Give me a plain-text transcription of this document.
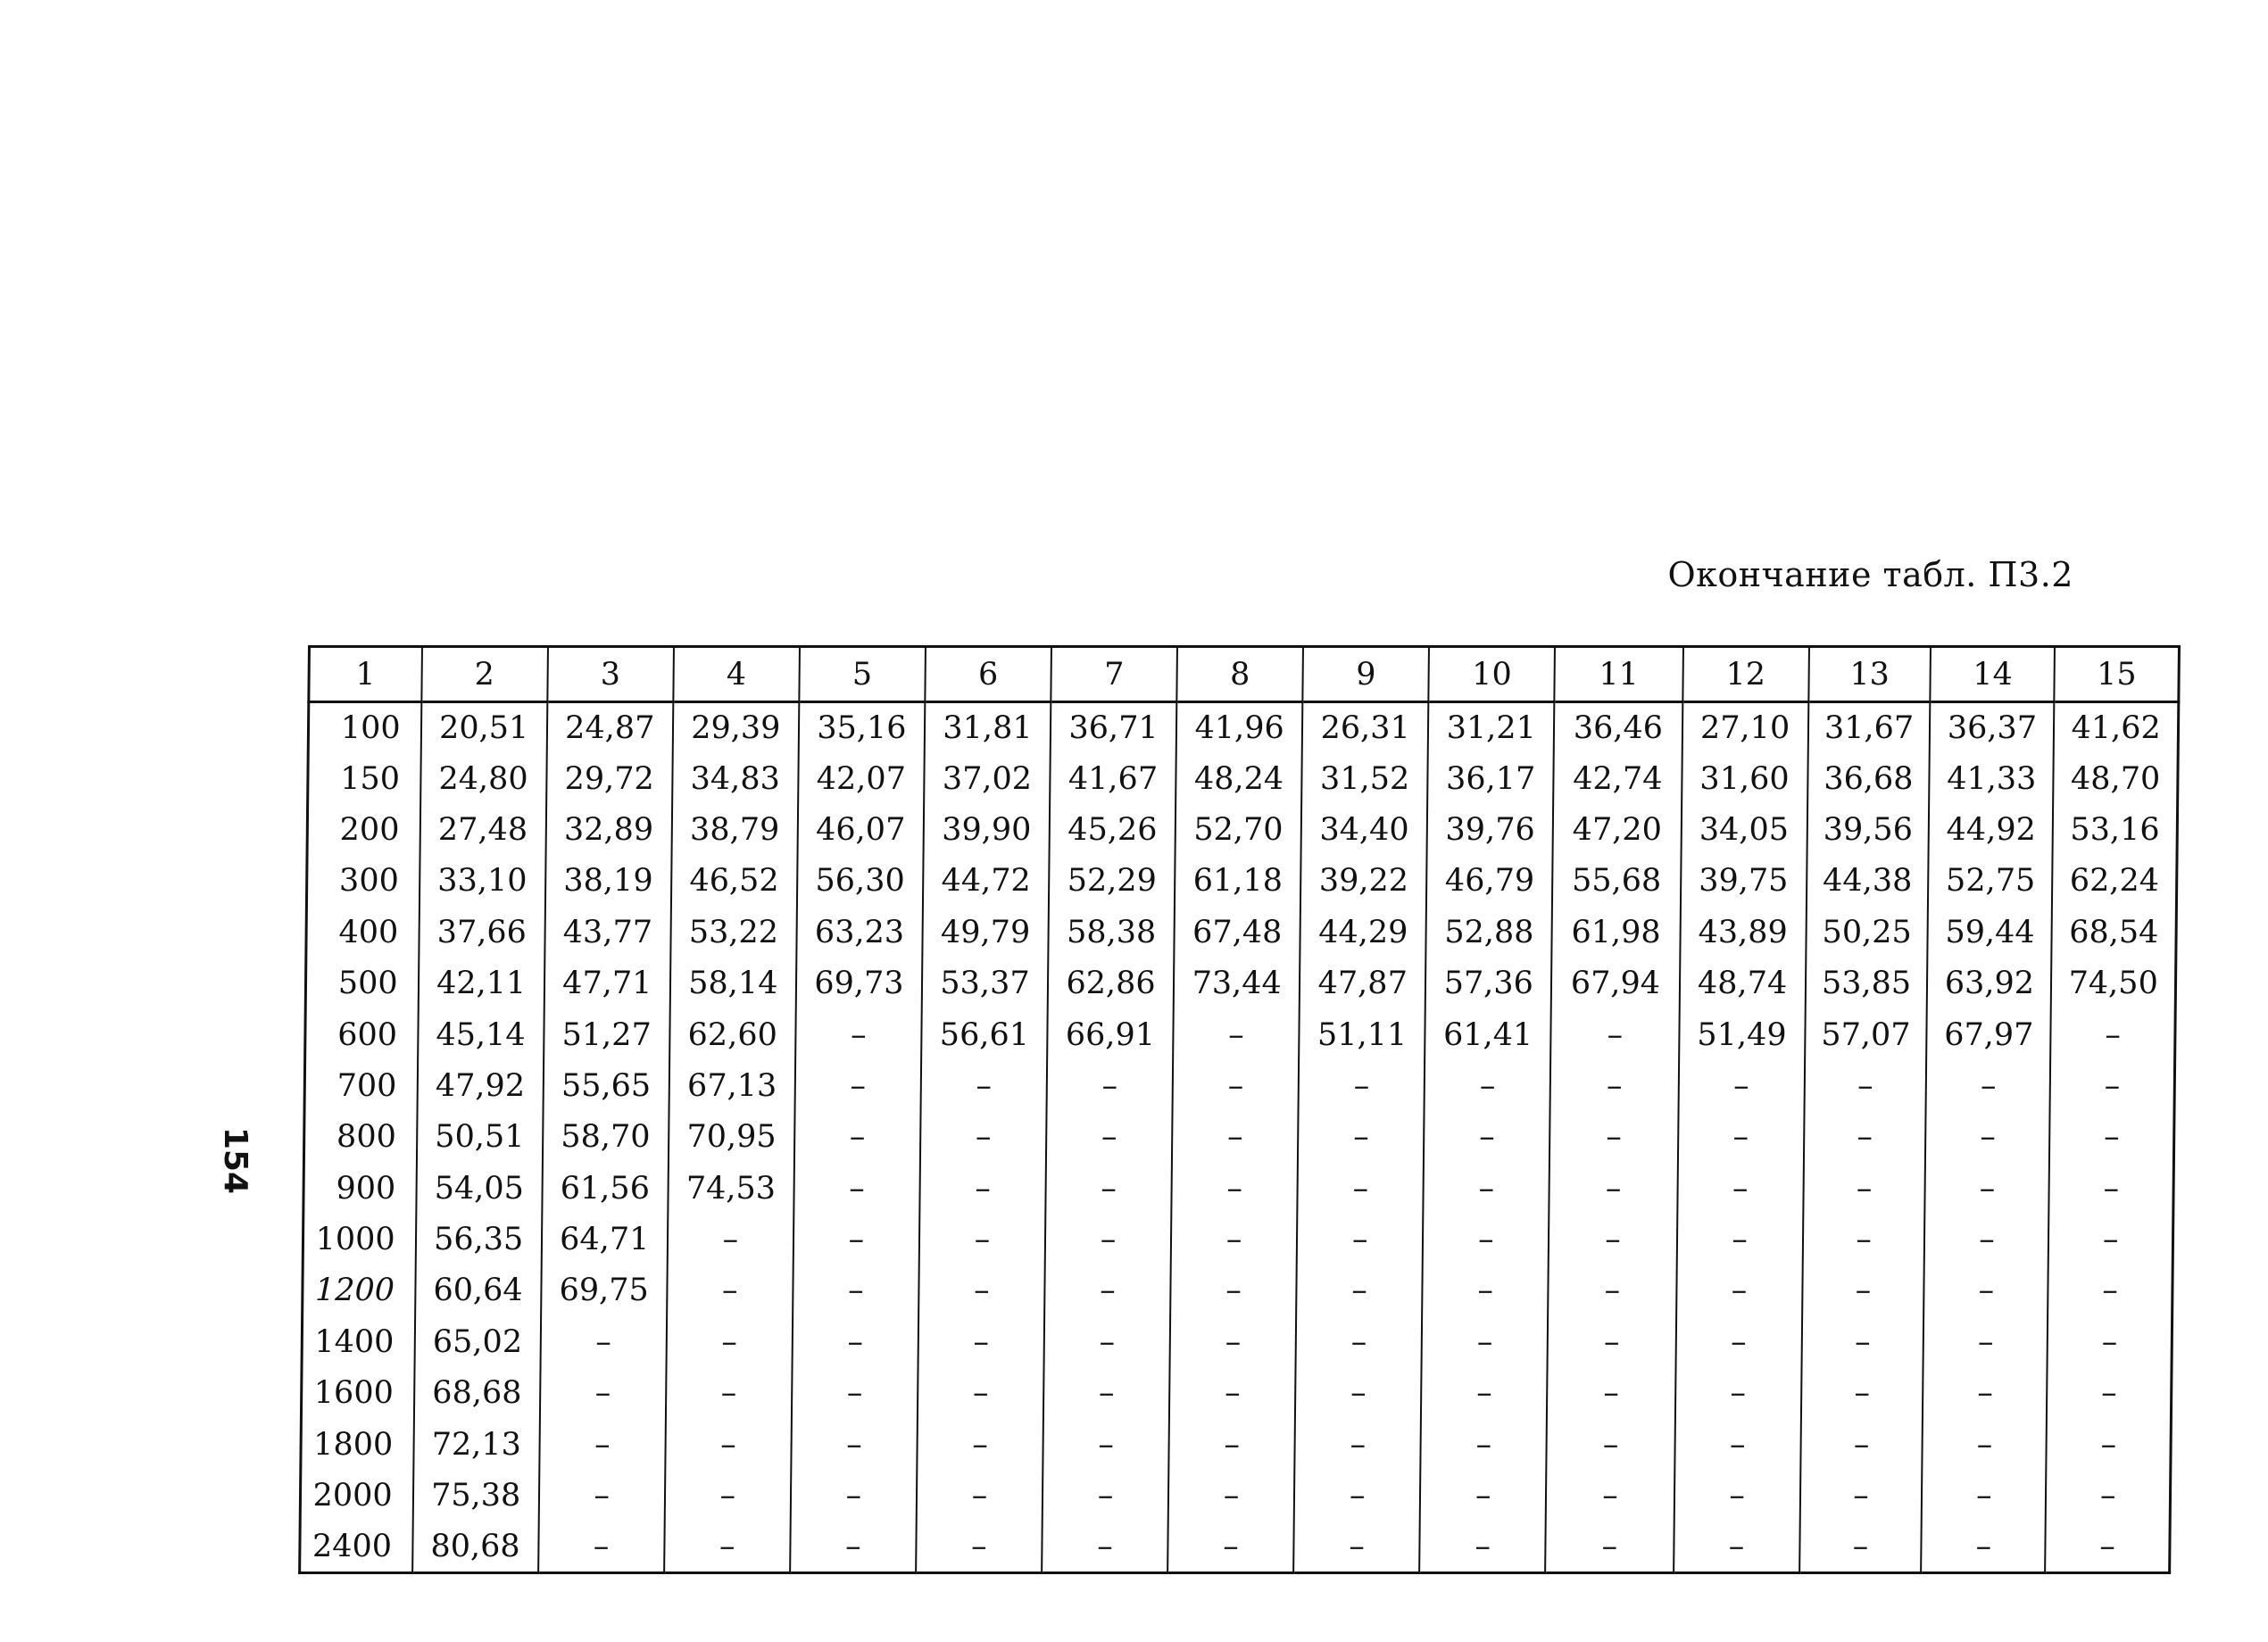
Окончание табл. П3.2
154
1	2	3	4	5	6	7	8	9	10	11	12	13	14	15
100	20,51	24,87	29,39	35,16	31,81	36,71	41,96	26,31	31,21	36,46	27,10	31,67	36,37	41,62
150	24,80	29,72	34,83	42,07	37,02	41,67	48,24	31,52	36,17	42,74	31,60	36,68	41,33	48,70
200	27,48	32,89	38,79	46,07	39,90	45,26	52,70	34,40	39,76	47,20	34,05	39,56	44,92	53,16
300	33,10	38,19	46,52	56,30	44,72	52,29	61,18	39,22	46,79	55,68	39,75	44,38	52,75	62,24
400	37,66	43,77	53,22	63,23	49,79	58,38	67,48	44,29	52,88	61,98	43,89	50,25	59,44	68,54
500	42,11	47,71	58,14	69,73	53,37	62,86	73,44	47,87	57,36	67,94	48,74	53,85	63,92	74,50
600	45,14	51,27	62,60	–	56,61	66,91	–	51,11	61,41	–	51,49	57,07	67,97	–
700	47,92	55,65	67,13	–	–	–	–	–	–	–	–	–	–	–
800	50,51	58,70	70,95	–	–	–	–	–	–	–	–	–	–	–
900	54,05	61,56	74,53	–	–	–	–	–	–	–	–	–	–	–
1000	56,35	64,71	–	–	–	–	–	–	–	–	–	–	–	–
1200	60,64	69,75	–	–	–	–	–	–	–	–	–	–	–	–
1400	65,02	–	–	–	–	–	–	–	–	–	–	–	–	–
1600	68,68	–	–	–	–	–	–	–	–	–	–	–	–	–
1800	72,13	–	–	–	–	–	–	–	–	–	–	–	–	–
2000	75,38	–	–	–	–	–	–	–	–	–	–	–	–	–
2400	80,68	–	–	–	–	–	–	–	–	–	–	–	–	–
